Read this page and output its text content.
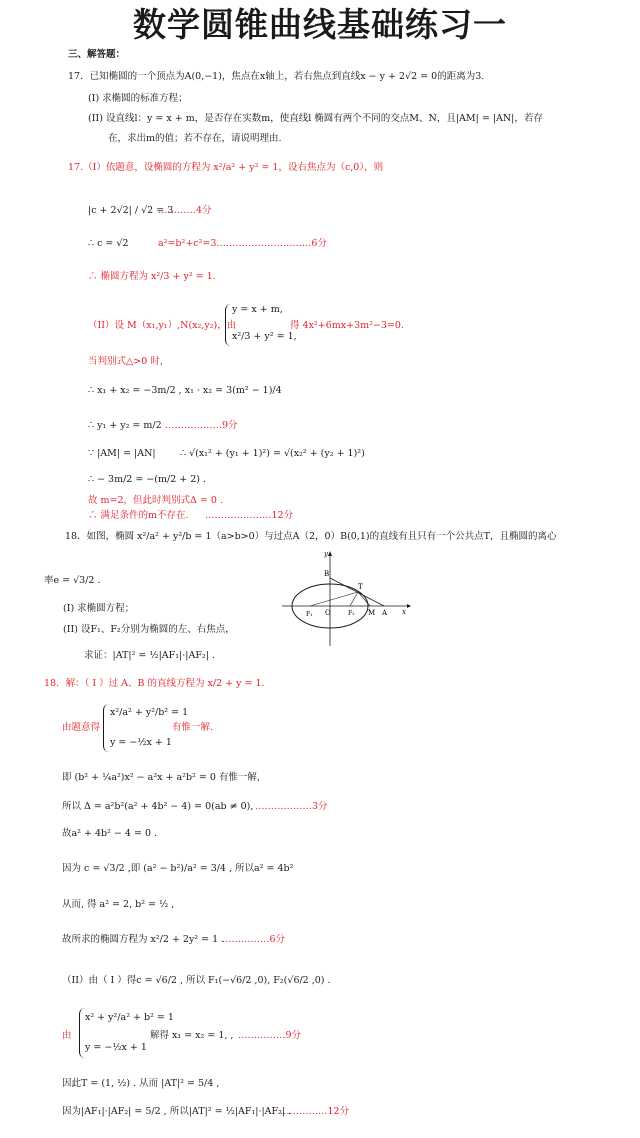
数学圆锥曲线基础练习一
三、解答题：
17．已知椭圆的一个顶点为A(0,−1)，焦点在x轴上，若右焦点到直线x − y + 2√2 = 0的距离为3.
(I) 求椭圆的标准方程；
(II) 设直线l：y = x + m，是否存在实数m，使直线l 椭圆有两个不同的交点M、N，且|AM| = |AN|，若存
在，求出m的值；若不存在，请说明理由.
17.（I）依题意，设椭圆的方程为 x²/a² + y² = 1，设右焦点为（c,0），则
|c + 2√2| / √2 = 3
…………4分
∴ c = √2	a²=b²+c²=3…………………………6分
∴ 椭圆方程为 x²/3 + y² = 1.
（II）设 M（x₁,y₁）,N(x₂,y₂)，由
y = x + m,
x²/3 + y² = 1,
得 4x²+6mx+3m²−3=0.
当判别式△>0 时，
∴ x₁ + x₂ = −3m/2 , x₁ · x₂ = 3(m² − 1)/4
∴ y₁ + y₂ = m/2 ………………9分
∵ |AM| = |AN|	∴ √(x₁² + (y₁ + 1)²) = √(x₂² + (y₂ + 1)²)
∴ − 3m/2 = −(m/2 + 2) .
故 m=2，但此时判别式Δ = 0 .
∴ 满足条件的m不存在. …………………12分
18．如图，椭圆 x²/a² + y²/b = 1（a>b>0）与过点A（2，0）B(0,1)的直线有且只有一个公共点T，且椭圆的离心
率e = √3/2 .
(I) 求椭圆方程；
(II) 设F₁、F₂分别为椭圆的左、右焦点，
求证：|AT|² = ½|AF₁|·|AF₂| .
y
B
T
F₁ O	F₂ M A x
18．解：（ I ）过 A、B 的直线方程为 x/2 + y = 1.
由题意得
x²/a² + y²/b² = 1
y = −½x + 1
有惟一解.
即 (b² + ¼a²)x² − a²x + a²b² = 0 有惟一解,
所以 Δ = a²b²(a² + 4b² − 4) = 0(ab ≠ 0), ………………3分
故a² + 4b² − 4 = 0 .
因为 c = √3/2 ,即 (a² − b²)/a² = 3/4 , 所以a² = 4b²
从而, 得 a² = 2, b² = ½ ,
故所求的椭圆方程为 x²/2 + 2y² = 1 .
……………6分
（II）由（ I ）得c = √6/2 , 所以 F₁(−√6/2 ,0), F₂(√6/2 ,0) .
由
x² + y²/a² + b² = 1
y = −½x + 1
解得 x₁ = x₂ = 1, , ……………9分
因此T = (1, ½) . 从而 |AT|² = 5/4 ,
因为|AF₁|·|AF₂| = 5/2 , 所以|AT|² = ½|AF₁|·|AF₂| .
……………12分
